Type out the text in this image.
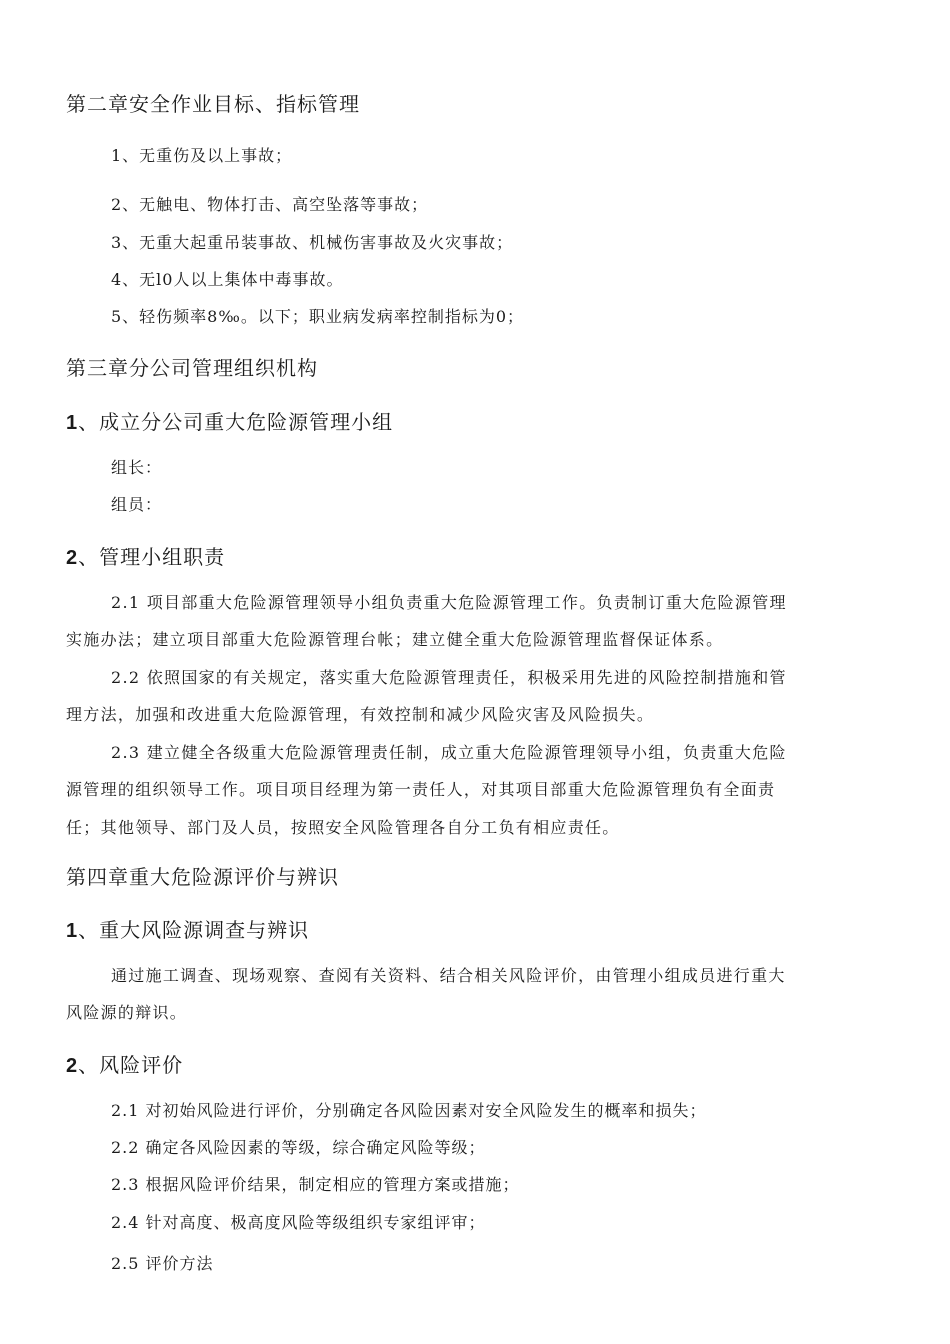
第二章安全作业目标、指标管理
1、无重伤及以上事故；
2、无触电、物体打击、高空坠落等事故；
3、无重大起重吊装事故、机械伤害事故及火灾事故；
4、无l0人以上集体中毒事故。
5、轻伤频率8‰。以下；职业病发病率控制指标为0；
第三章分公司管理组织机构
1、成立分公司重大危险源管理小组
组长：
组员：
2、管理小组职责
2.1 项目部重大危险源管理领导小组负责重大危险源管理工作。负责制订重大危险源管理
实施办法；建立项目部重大危险源管理台帐；建立健全重大危险源管理监督保证体系。
2.2 依照国家的有关规定，落实重大危险源管理责任，积极采用先进的风险控制措施和管
理方法，加强和改进重大危险源管理，有效控制和减少风险灾害及风险损失。
2.3 建立健全各级重大危险源管理责任制，成立重大危险源管理领导小组，负责重大危险
源管理的组织领导工作。项目项目经理为第一责任人，对其项目部重大危险源管理负有全面责
任；其他领导、部门及人员，按照安全风险管理各自分工负有相应责任。
第四章重大危险源评价与辨识
1、重大风险源调查与辨识
通过施工调查、现场观察、查阅有关资料、结合相关风险评价，由管理小组成员进行重大
风险源的辩识。
2、风险评价
2.1 对初始风险进行评价，分别确定各风险因素对安全风险发生的概率和损失；
2.2 确定各风险因素的等级，综合确定风险等级；
2.3 根据风险评价结果，制定相应的管理方案或措施；
2.4 针对高度、极高度风险等级组织专家组评审；
2.5 评价方法
